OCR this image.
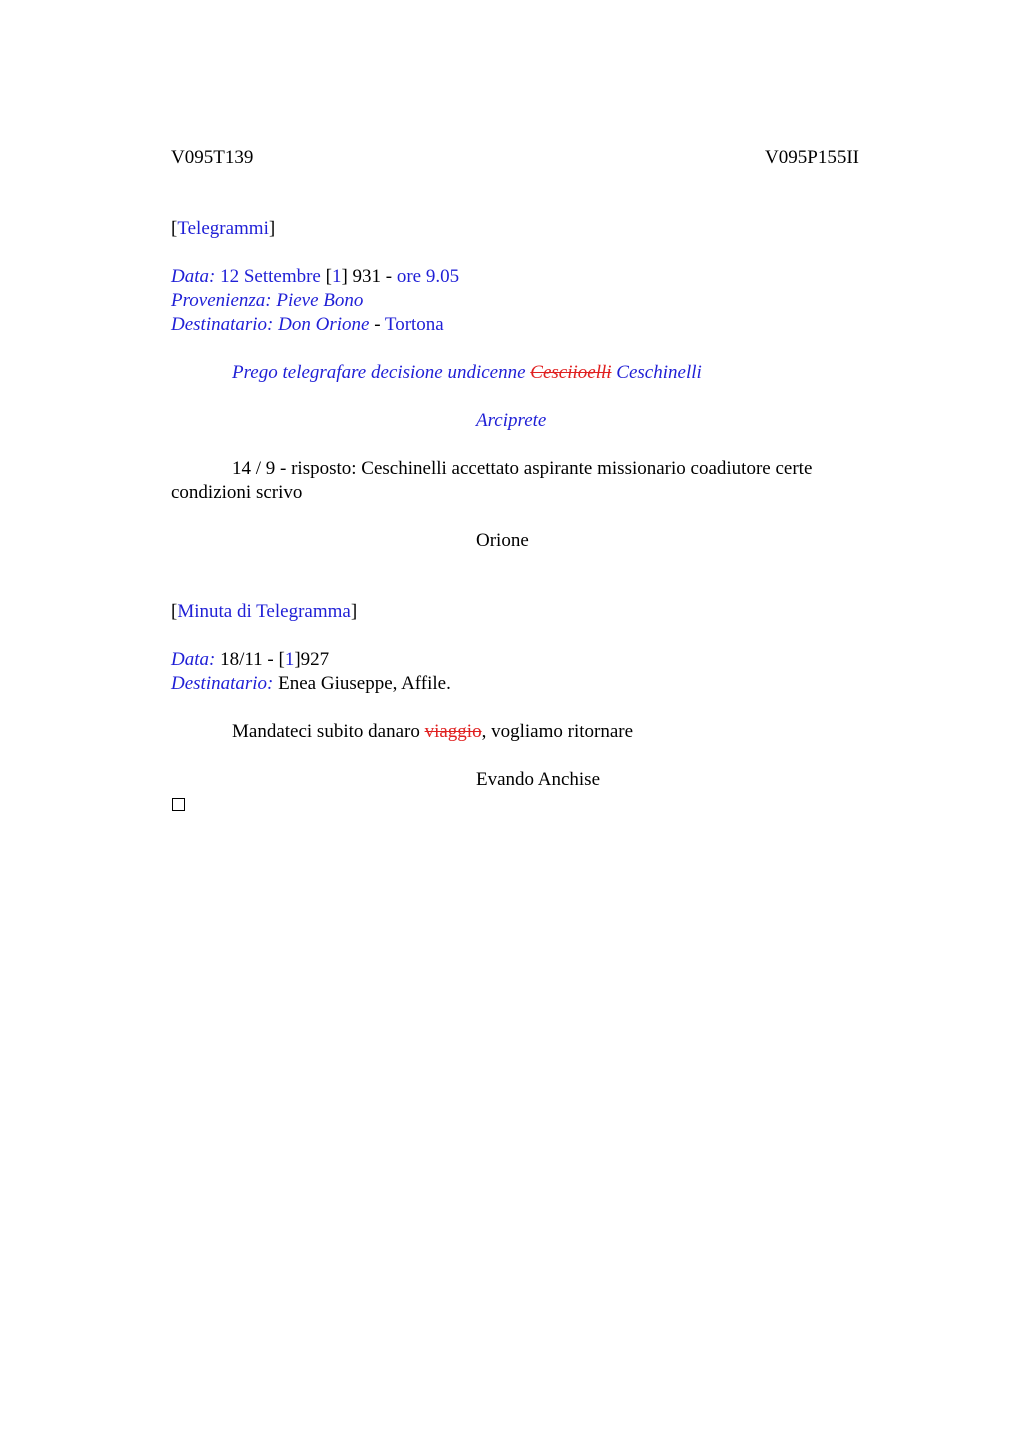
V095T139	V095P155II
[Telegrammi]
Data: 12 Settembre [1] 931 - ore 9.05
Provenienza: Pieve Bono
Destinatario: Don Orione - Tortona
Prego telegrafare decisione undicenne Cesciioelli Ceschinelli
Arciprete
14 / 9 - risposto: Ceschinelli accettato aspirante missionario coadiutore certe
condizioni scrivo
Orione
[Minuta di Telegramma]
Data: 18/11 - [1]927
Destinatario: Enea Giuseppe, Affile.
Mandateci subito danaro viaggio, vogliamo ritornare
Evando Anchise
